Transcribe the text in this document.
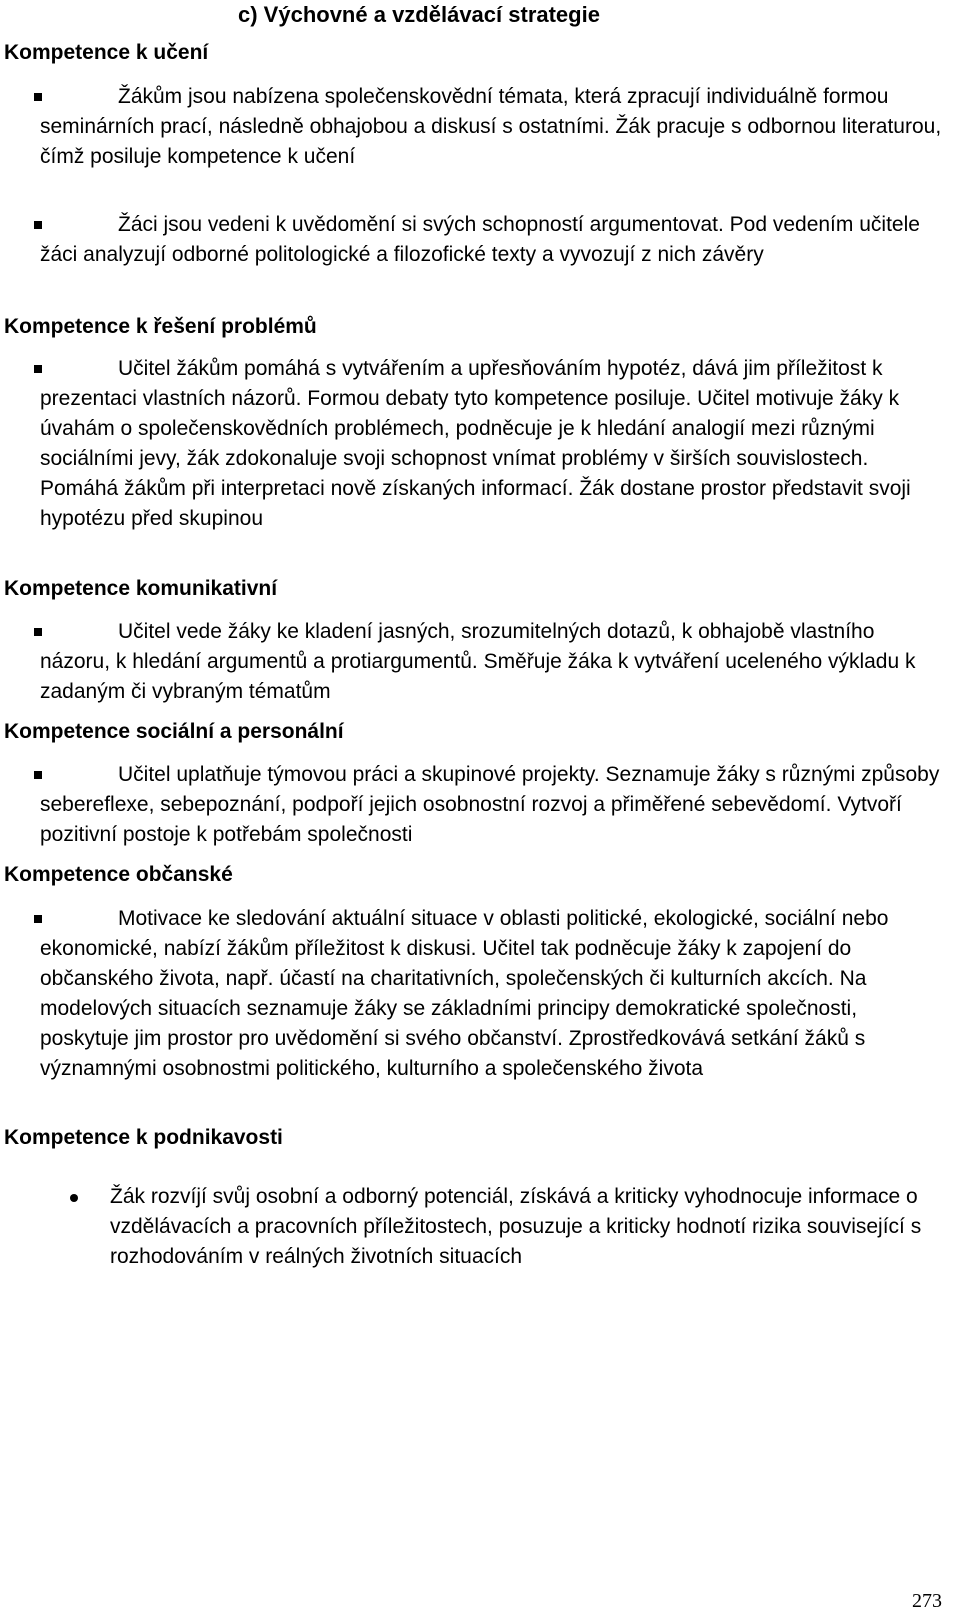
c) Výchovné a vzdělávací strategie
Kompetence k učení

Žákům jsou nabízena společenskovědní témata, která zpracují individuálně formou seminárních prací, následně obhajobou a diskusí s ostatními. Žák pracuje s odbornou literaturou, čímž posiluje kompetence k učení

Žáci jsou vedeni k uvědomění si svých schopností argumentovat. Pod vedením učitele žáci analyzují odborné politologické a filozofické texty a vyvozují z nich závěry

Kompetence k řešení problémů

Učitel žákům pomáhá s vytvářením a upřesňováním hypotéz, dává jim příležitost k prezentaci vlastních názorů. Formou debaty tyto kompetence posiluje. Učitel motivuje žáky k úvahám o společenskovědních problémech, podněcuje je k hledání analogií mezi různými sociálními jevy, žák zdokonaluje svoji schopnost vnímat problémy v širších souvislostech. Pomáhá žákům při interpretaci nově získaných informací. Žák dostane prostor představit svoji hypotézu před skupinou

Kompetence komunikativní

Učitel vede žáky ke kladení jasných, srozumitelných dotazů, k obhajobě vlastního názoru, k hledání argumentů a protiargumentů. Směřuje žáka k vytváření uceleného výkladu k zadaným či vybraným tématům

Kompetence sociální a personální

Učitel uplatňuje týmovou práci a skupinové projekty. Seznamuje žáky s různými způsoby sebereflexe, sebepoznání, podpoří jejich osobnostní rozvoj a přiměřené sebevědomí. Vytvoří pozitivní postoje k potřebám společnosti

Kompetence občanské

Motivace ke sledování aktuální situace v oblasti politické, ekologické, sociální nebo ekonomické, nabízí žákům příležitost k diskusi. Učitel tak podněcuje žáky k zapojení do občanského života, např. účastí na charitativních, společenských či kulturních akcích. Na modelových situacích seznamuje žáky se základními principy demokratické společnosti, poskytuje jim prostor pro uvědomění si svého občanství. Zprostředkovává setkání žáků s významnými osobnostmi politického, kulturního a společenského života

Kompetence k podnikavosti

Žák rozvíjí svůj osobní a odborný potenciál, získává a kriticky vyhodnocuje informace o vzdělávacích a pracovních příležitostech, posuzuje a kriticky hodnotí rizika související s rozhodováním v reálných životních situacích

273
